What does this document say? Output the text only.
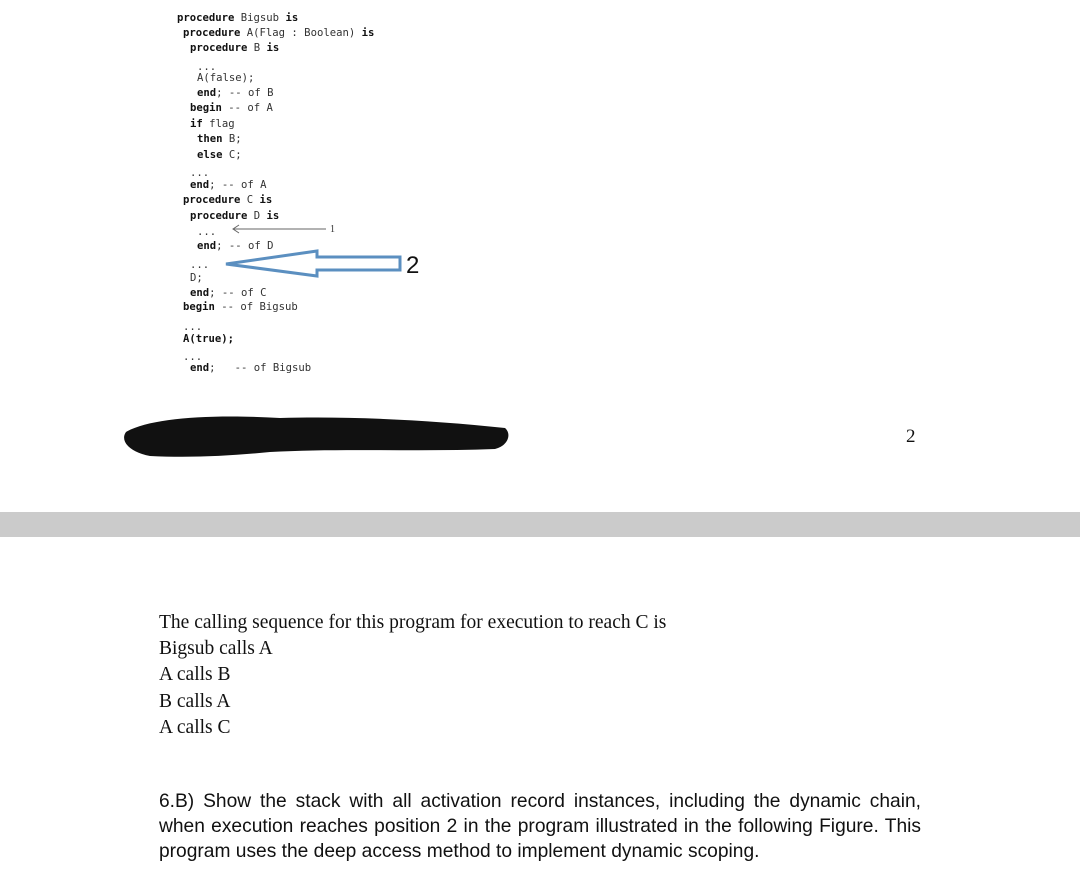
procedure Bigsub is
procedure A(Flag : Boolean) is
procedure B is
...
A(false);
end; -- of B
begin -- of A
if flag
then B;
else C;
...
end; -- of A
procedure C is
procedure D is
...
end; -- of D
...
D;
end; -- of C
begin -- of Bigsub
...
A(true);
...
end;   -- of Bigsub
1
2
2
The calling sequence for this program for execution to reach C is
Bigsub calls A
A calls B
B calls A
A calls C
6.B) Show the stack with all activation record instances, including the dynamic chain, when execution reaches position 2 in the program illustrated in the following Figure. This program uses the deep access method to implement dynamic scoping.
